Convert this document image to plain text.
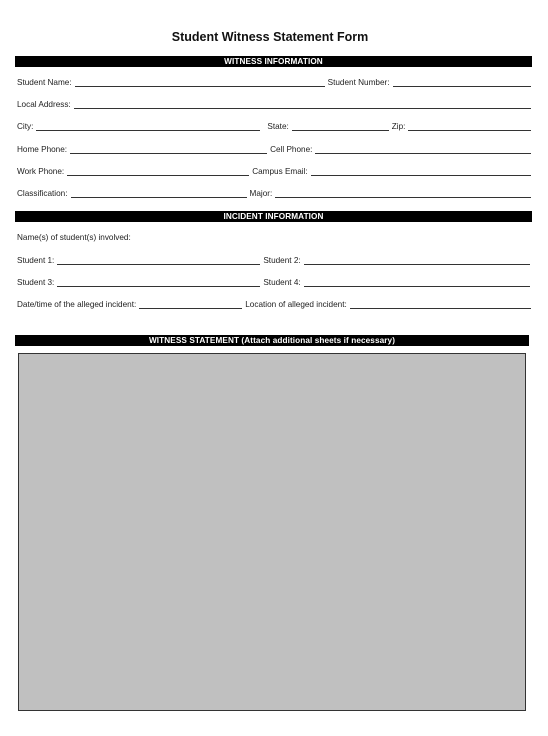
Student Witness Statement Form
WITNESS INFORMATION
Student Name:	Student Number:
Local Address:
City:	State:	Zip:
Home Phone:	Cell Phone:
Work Phone:	Campus Email:
Classification:	Major:
INCIDENT INFORMATION
Name(s) of student(s) involved:
Student 1:	Student 2:
Student 3:	Student 4:
Date/time of the alleged incident:	Location of alleged incident:
WITNESS STATEMENT (Attach additional sheets if necessary)
